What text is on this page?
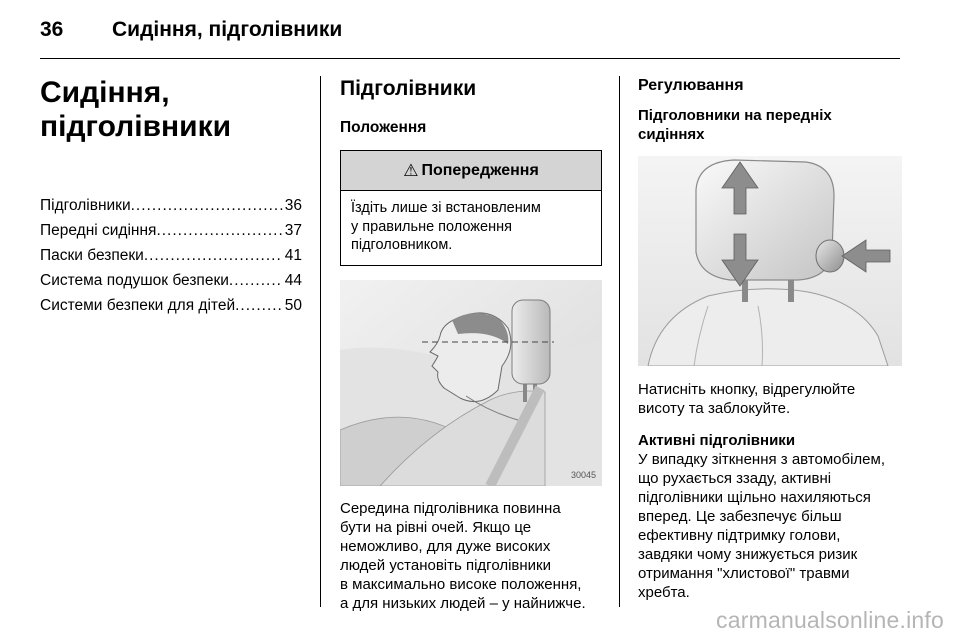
36 Сидіння, підголівники
Сидіння,
підголівники
Підголівники .....	36
Передні сидіння .....	37
Паски безпеки .....	41
Система подушок безпеки .....	44
Системи безпеки для дітей .....	50
Підголівники
Положення
⚠ Попередження
Їздіть лише зі встановленим
у правильне положення
підголовником.
30045
Середина підголівника повинна
бути на рівні очей. Якщо це
неможливо, для дуже високих
людей установіть підголівники
в максимально високе положення,
а для низьких людей – у найнижче.
Регулювання
Підголовники на передніх сидіннях
Натисніть кнопку, відрегулюйте
висоту та заблокуйте.
Активні підголівники
У випадку зіткнення з автомобілем,
що рухається ззаду, активні
підголівники щільно нахиляються
вперед. Це забезпечує більш
ефективну підтримку голови,
завдяки чому знижується ризик
отримання "хлистової" травми
хребта.
carmanualsonline.info
